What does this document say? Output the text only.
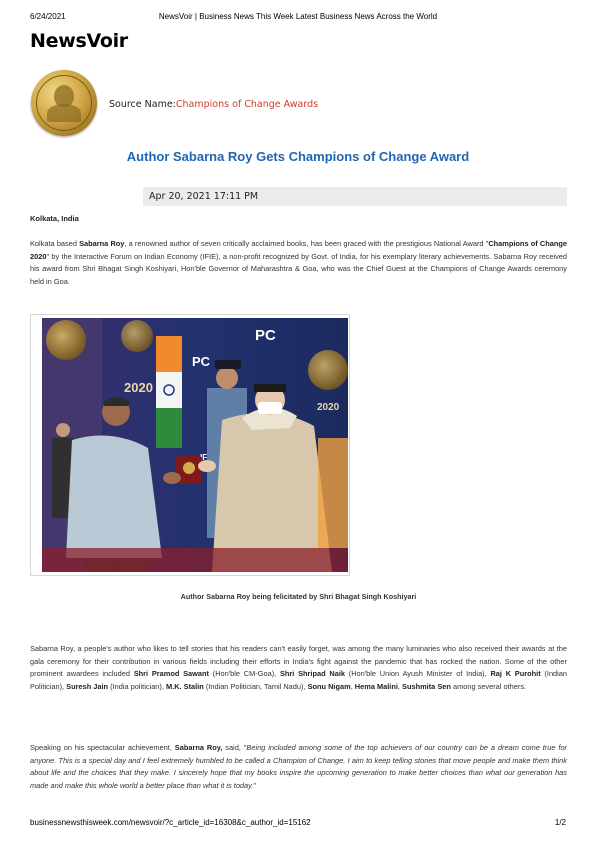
6/24/2021	NewsVoir | Business News This Week Latest Business News Across the World
NewsVoir
Source Name:Champions of Change Awards
Author Sabarna Roy Gets Champions of Change Award
Apr 20, 2021 17:11 PM
Kolkata, India

Kolkata based Sabarna Roy, a renowned author of seven critically acclaimed books, has been graced with the prestigious National Award "Champions of Change 2020" by the Interactive Forum on Indian Economy (IFIE), a non-profit recognized by Govt. of India, for his exemplary literary achievements. Sabarna Roy received his award from Shri Bhagat Singh Koshiyari, Hon'ble Governor of Maharashtra & Goa, who was the Chief Guest at the Champions of Change Awards ceremony held in Goa.

2020
2020
PC
PC
Author Sabarna Roy being felicitated by Shri Bhagat Singh Koshiyari

Sabarna Roy, a people's author who likes to tell stories that his readers can't easily forget, was among the many luminaries who also received their awards at the gala ceremony for their contribution in various fields including their efforts in India's fight against the pandemic that has rocked the nation. Some of the other prominent awardees included Shri Pramod Sawant (Hon'ble CM-Goa), Shri Shripad Naik (Hon'ble Union Ayush Minister of India), Raj K Purohit (Indian Politician), Suresh Jain (India politician), M.K. Stalin (Indian Politician, Tamil Nadu), Sonu Nigam, Hema Malini, Sushmita Sen among several others.

Speaking on his spectacular achievement, Sabarna Roy, said, "Being included among some of the top achievers of our country can be a dream come true for anyone. This is a special day and I feel extremely humbled to be called a Champion of Change. I aim to keep telling stories that move people and make them think about life and the choices that they make. I sincerely hope that my books inspire the upcoming generation to make better choices than what our generation has made and make this whole world a better place than what it is today."

businessnewsthisweek.com/newsvoir/?c_article_id=16308&c_author_id=15162	1/2
